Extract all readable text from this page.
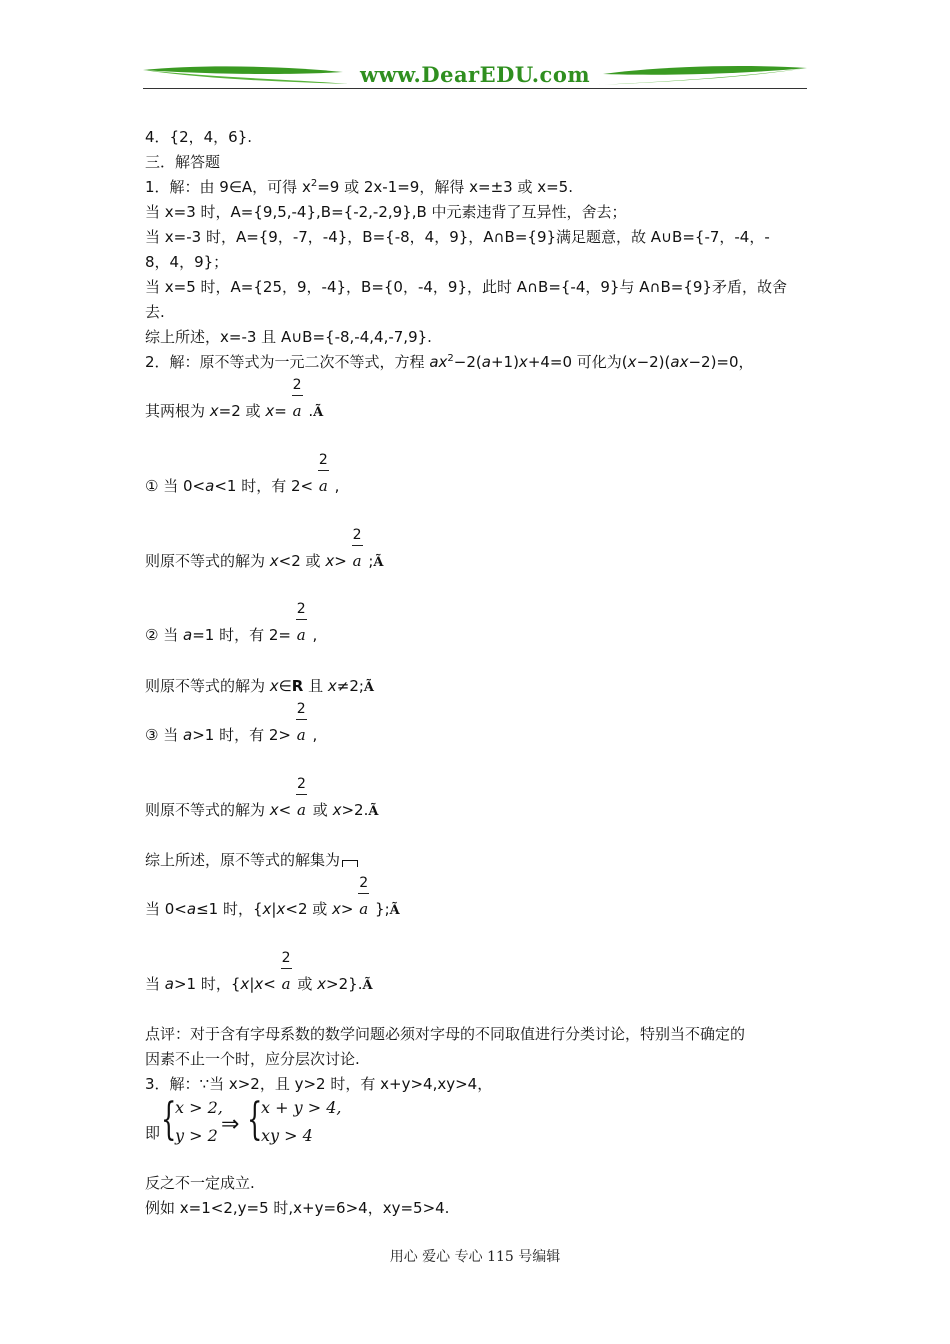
www.DearEDU.com
4．{2，4，6}.
三．解答题
1．解：由 9∈A，可得 $x^2=9$ 或 2x-1=9，解得 x=±3 或 x=5.
当 x=3 时，A={9,5,-4},B={-2,-2,9},B 中元素违背了互异性，舍去；
当 x=-3 时，A={9，-7，-4}，B={-8，4，9}，A∩B={9}满足题意，故 A∪B={-7，-4，-
8，4，9}；
当 x=5 时，A={25，9，-4}，B={0，-4，9}，此时 A∩B={-4，9}与 A∩B={9}矛盾，故舍
去.
综上所述，x=-3 且 A∪B={-8,-4,4,-7,9}.
2．解：原不等式为一元二次不等式，方程 $ax^2-2(a+1)x+4=0$ 可化为(x−2)(ax−2)=0，
其两根为 x=2 或 $x= \frac{2}{a}$ .Ã
① 当 0<a<1 时，有 $2< \frac{2}{a}$ ,
则原不等式的解为 x<2 或 $x> \frac{2}{a}$ ;Ã
② 当 a=1 时，有 $2= \frac{2}{a}$ ,
则原不等式的解为 x∈R 且 x≠2;Ã
③ 当 a>1 时，有 $2> \frac{2}{a}$ ,
则原不等式的解为 $x< \frac{2}{a}$ 或 x>2.Ã
综上所述，原不等式的解集为
当 0<a≤1 时，{x|x<2 或 $x> \frac{2}{a}$ };Ã
当 a>1 时，{$x|x< \frac{2}{a}$ 或 x>2}.Ã
点评：对于含有字母系数的数学问题必须对字母的不同取值进行分类讨论，特别当不确定的
因素不止一个时，应分层次讨论.
3．解：∵当 x>2，且 y>2 时，有 x+y>4,xy>4，
即 {
x > 2,
y > 2 ⇒ {
x + y > 4,
xy > 4
反之不一定成立.
例如 x=1<2,y=5 时,x+y=6>4，xy=5>4.
用心 爱心 专心 115 号编辑
